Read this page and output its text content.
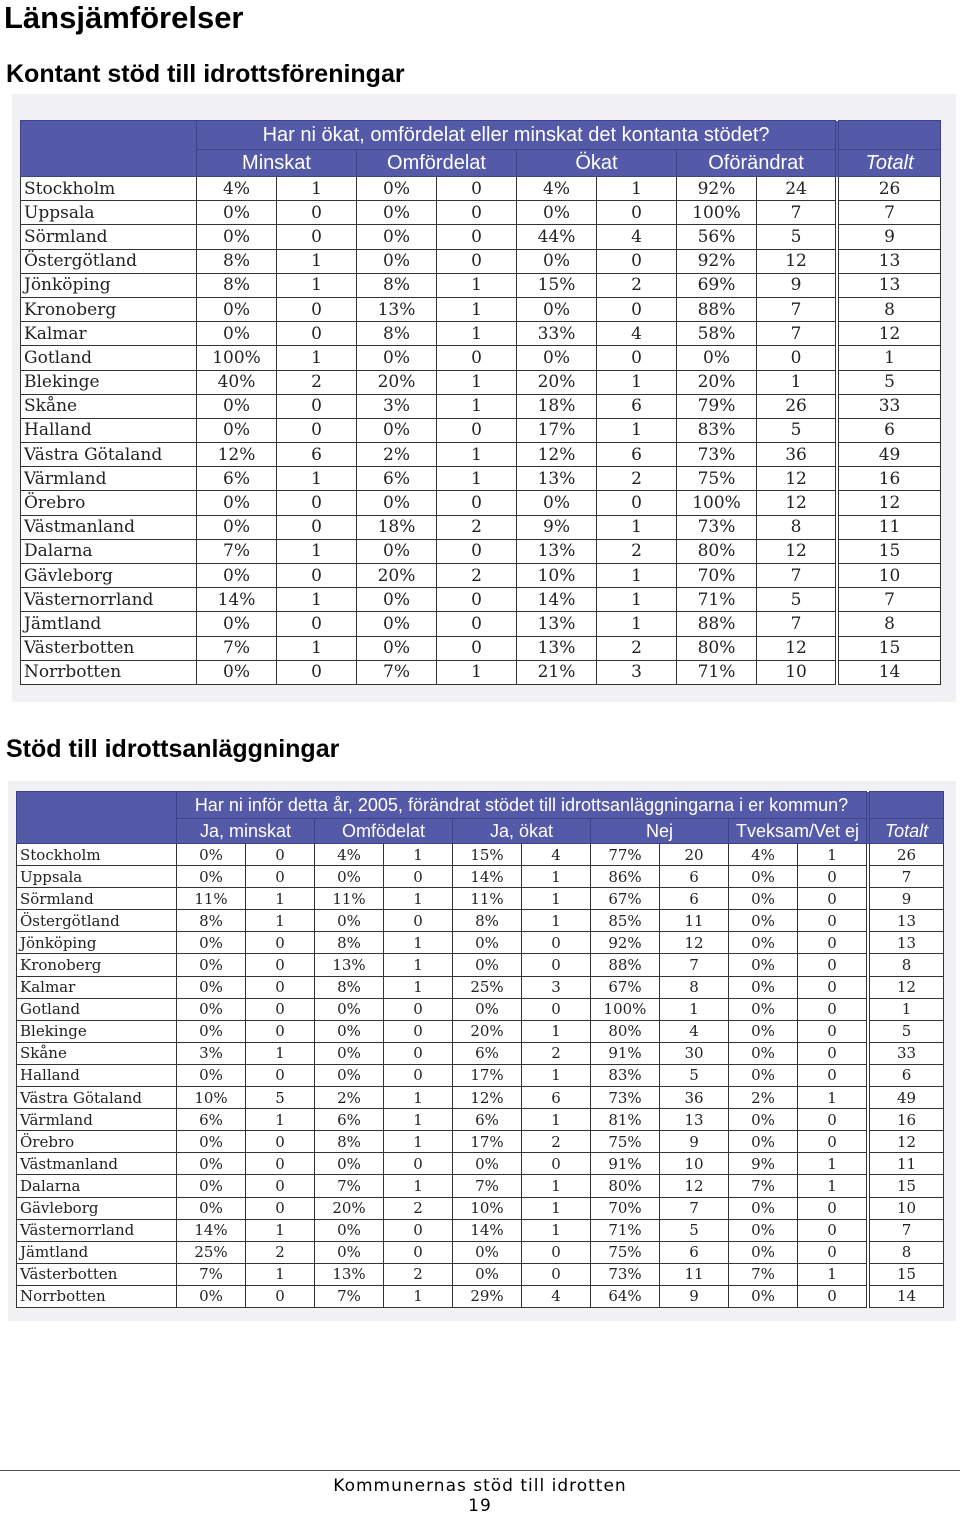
Länsjämförelser
Kontant stöd till idrottsföreningar
	Har ni ökat, omfördelat eller minskat det kontanta stödet?									
	Minskat		Omfördelat		Ökat		Oförändrat			Totalt
Stockholm	4%	1	0%	0	4%	1	92%	24		26
Uppsala	0%	0	0%	0	0%	0	100%	7		7
Sörmland	0%	0	0%	0	44%	4	56%	5		9
Östergötland	8%	1	0%	0	0%	0	92%	12		13
Jönköping	8%	1	8%	1	15%	2	69%	9		13
Kronoberg	0%	0	13%	1	0%	0	88%	7		8
Kalmar	0%	0	8%	1	33%	4	58%	7		12
Gotland	100%	1	0%	0	0%	0	0%	0		1
Blekinge	40%	2	20%	1	20%	1	20%	1		5
Skåne	0%	0	3%	1	18%	6	79%	26		33
Halland	0%	0	0%	0	17%	1	83%	5		6
Västra Götaland	12%	6	2%	1	12%	6	73%	36		49
Värmland	6%	1	6%	1	13%	2	75%	12		16
Örebro	0%	0	0%	0	0%	0	100%	12		12
Västmanland	0%	0	18%	2	9%	1	73%	8		11
Dalarna	7%	1	0%	0	13%	2	80%	12		15
Gävleborg	0%	0	20%	2	10%	1	70%	7		10
Västernorrland	14%	1	0%	0	14%	1	71%	5		7
Jämtland	0%	0	0%	0	13%	1	88%	7		8
Västerbotten	7%	1	0%	0	13%	2	80%	12		15
Norrbotten	0%	0	7%	1	21%	3	71%	10		14
Stöd till idrottsanläggningar
	Har ni inför detta år, 2005, förändrat stödet till idrottsanläggningarna i er kommun?											
	Ja, minskat		Omfödelat		Ja, ökat		Nej		Tveksam/Vet ej			Totalt
Stockholm	0%	0	4%	1	15%	4	77%	20	4%	1		26
Uppsala	0%	0	0%	0	14%	1	86%	6	0%	0		7
Sörmland	11%	1	11%	1	11%	1	67%	6	0%	0		9
Östergötland	8%	1	0%	0	8%	1	85%	11	0%	0		13
Jönköping	0%	0	8%	1	0%	0	92%	12	0%	0		13
Kronoberg	0%	0	13%	1	0%	0	88%	7	0%	0		8
Kalmar	0%	0	8%	1	25%	3	67%	8	0%	0		12
Gotland	0%	0	0%	0	0%	0	100%	1	0%	0		1
Blekinge	0%	0	0%	0	20%	1	80%	4	0%	0		5
Skåne	3%	1	0%	0	6%	2	91%	30	0%	0		33
Halland	0%	0	0%	0	17%	1	83%	5	0%	0		6
Västra Götaland	10%	5	2%	1	12%	6	73%	36	2%	1		49
Värmland	6%	1	6%	1	6%	1	81%	13	0%	0		16
Örebro	0%	0	8%	1	17%	2	75%	9	0%	0		12
Västmanland	0%	0	0%	0	0%	0	91%	10	9%	1		11
Dalarna	0%	0	7%	1	7%	1	80%	12	7%	1		15
Gävleborg	0%	0	20%	2	10%	1	70%	7	0%	0		10
Västernorrland	14%	1	0%	0	14%	1	71%	5	0%	0		7
Jämtland	25%	2	0%	0	0%	0	75%	6	0%	0		8
Västerbotten	7%	1	13%	2	0%	0	73%	11	7%	1		15
Norrbotten	0%	0	7%	1	29%	4	64%	9	0%	0		14
Kommunernas stöd till idrotten
19
